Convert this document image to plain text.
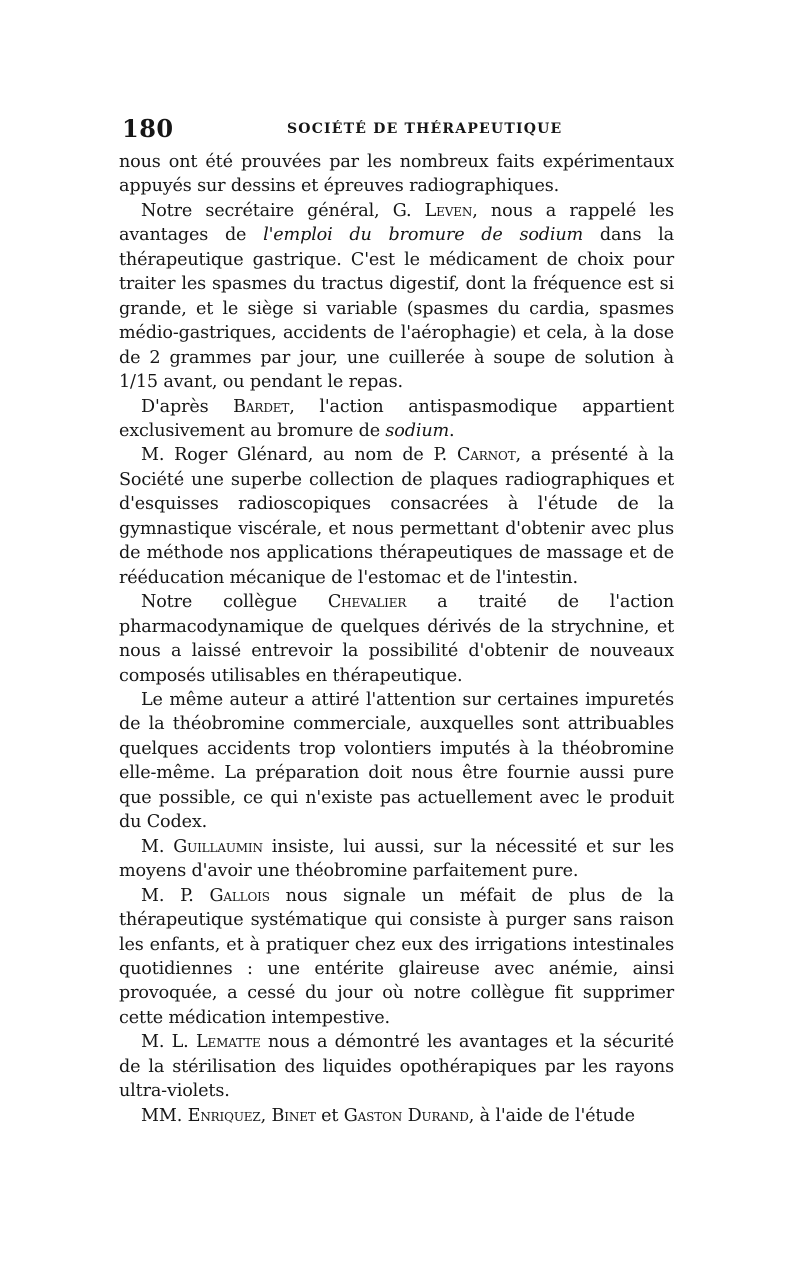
180	SOCIÉTÉ DE THÉRAPEUTIQUE

nous ont été prouvées par les nombreux faits expérimentaux appuyés sur dessins et épreuves radiographiques.

Notre secrétaire général, G. Leven, nous a rappelé les avantages de l'emploi du bromure de sodium dans la thérapeutique gastrique. C'est le médicament de choix pour traiter les spasmes du tractus digestif, dont la fréquence est si grande, et le siège si variable (spasmes du cardia, spasmes médio-gastriques, accidents de l'aérophagie) et cela, à la dose de 2 grammes par jour, une cuillerée à soupe de solution à 1/15 avant, ou pendant le repas.

D'après Bardet, l'action antispasmodique appartient exclusivement au bromure de sodium.

M. Roger Glénard, au nom de P. Carnot, a présenté à la Société une superbe collection de plaques radiographiques et d'esquisses radioscopiques consacrées à l'étude de la gymnastique viscérale, et nous permettant d'obtenir avec plus de méthode nos applications thérapeutiques de massage et de rééducation mécanique de l'estomac et de l'intestin.

Notre collègue Chevalier a traité de l'action pharmacodynamique de quelques dérivés de la strychnine, et nous a laissé entrevoir la possibilité d'obtenir de nouveaux composés utilisables en thérapeutique.

Le même auteur a attiré l'attention sur certaines impuretés de la théobromine commerciale, auxquelles sont attribuables quelques accidents trop volontiers imputés à la théobromine elle-même. La préparation doit nous être fournie aussi pure que possible, ce qui n'existe pas actuellement avec le produit du Codex.

M. Guillaumin insiste, lui aussi, sur la nécessité et sur les moyens d'avoir une théobromine parfaitement pure.

M. P. Gallois nous signale un méfait de plus de la thérapeutique systématique qui consiste à purger sans raison les enfants, et à pratiquer chez eux des irrigations intestinales quotidiennes : une entérite glaireuse avec anémie, ainsi provoquée, a cessé du jour où notre collègue fit supprimer cette médication intempestive.

M. L. Lematte nous a démontré les avantages et la sécurité de la stérilisation des liquides opothérapiques par les rayons ultra-violets.

MM. Enriquez, Binet et Gaston Durand, à l'aide de l'étude
